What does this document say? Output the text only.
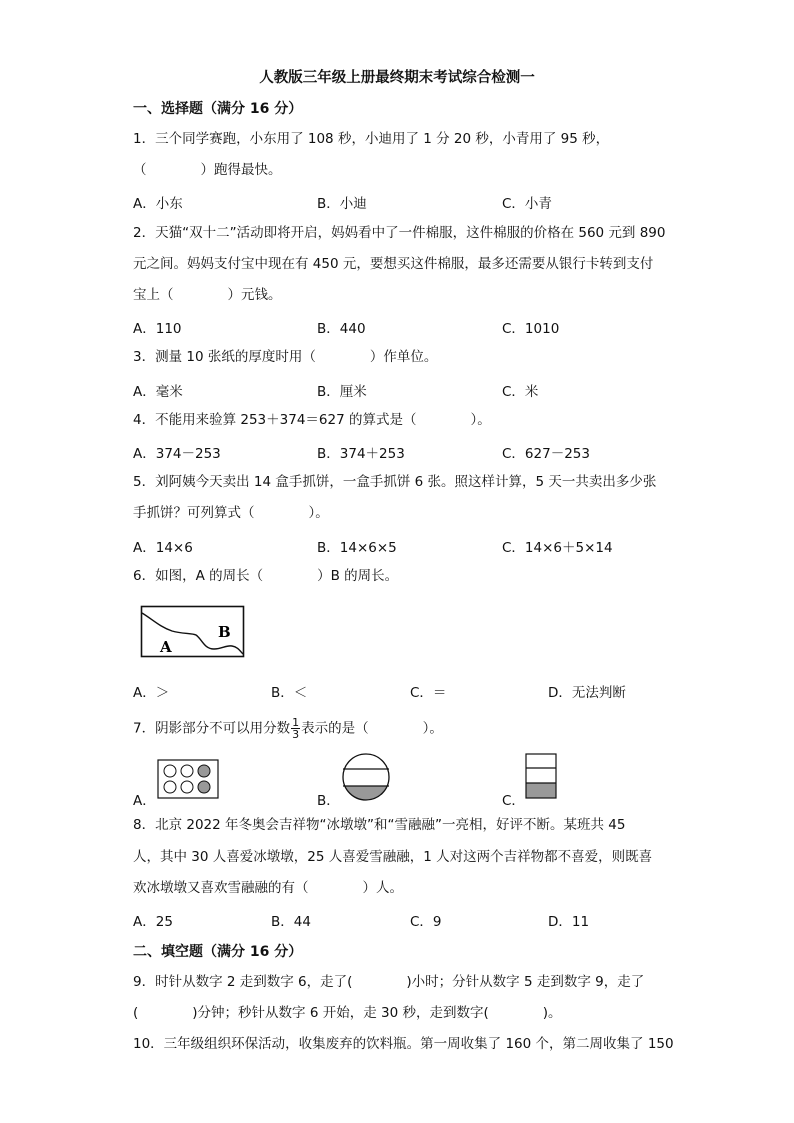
人教版三年级上册最终期末考试综合检测一
一、选择题（满分 16 分）
1．三个同学赛跑，小东用了 108 秒，小迪用了 1 分 20 秒，小青用了 95 秒，
（　　　　）跑得最快。
A．小东	B．小迪	C．小青
2．天猫“双十二”活动即将开启，妈妈看中了一件棉服，这件棉服的价格在 560 元到 890
元之间。妈妈支付宝中现在有 450 元，要想买这件棉服，最多还需要从银行卡转到支付
宝上（　　　　）元钱。
A．110	B．440	C．1010
3．测量 10 张纸的厚度时用（　　　　）作单位。
A．毫米	B．厘米	C．米
4．不能用来验算 253＋374＝627 的算式是（　　　　）。
A．374－253	B．374＋253	C．627－253
5．刘阿姨今天卖出 14 盒手抓饼，一盒手抓饼 6 张。照这样计算，5 天一共卖出多少张
手抓饼？可列算式（　　　　）。
A．14×6	B．14×6×5	C．14×6＋5×14
6．如图，A 的周长（　　　　）B 的周长。
A
B
A．＞	B．＜	C．＝	D．无法判断
7．阴影部分不可以用分数 $\frac{1}{3}$ 表示的是（　　　　）。
A．	B．	C．
8．北京 2022 年冬奥会吉祥物“冰墩墩”和“雪融融”一亮相，好评不断。某班共 45
人，其中 30 人喜爱冰墩墩，25 人喜爱雪融融，1 人对这两个吉祥物都不喜爱，则既喜
欢冰墩墩又喜欢雪融融的有（　　　　）人。
A．25	B．44	C．9	D．11
二、填空题（满分 16 分）
9．时针从数字 2 走到数字 6，走了(　　　　)小时；分针从数字 5 走到数字 9，走了
(　　　　)分钟；秒针从数字 6 开始，走 30 秒，走到数字(　　　　)。
10．三年级组织环保活动，收集废弃的饮料瓶。第一周收集了 160 个，第二周收集了 150
